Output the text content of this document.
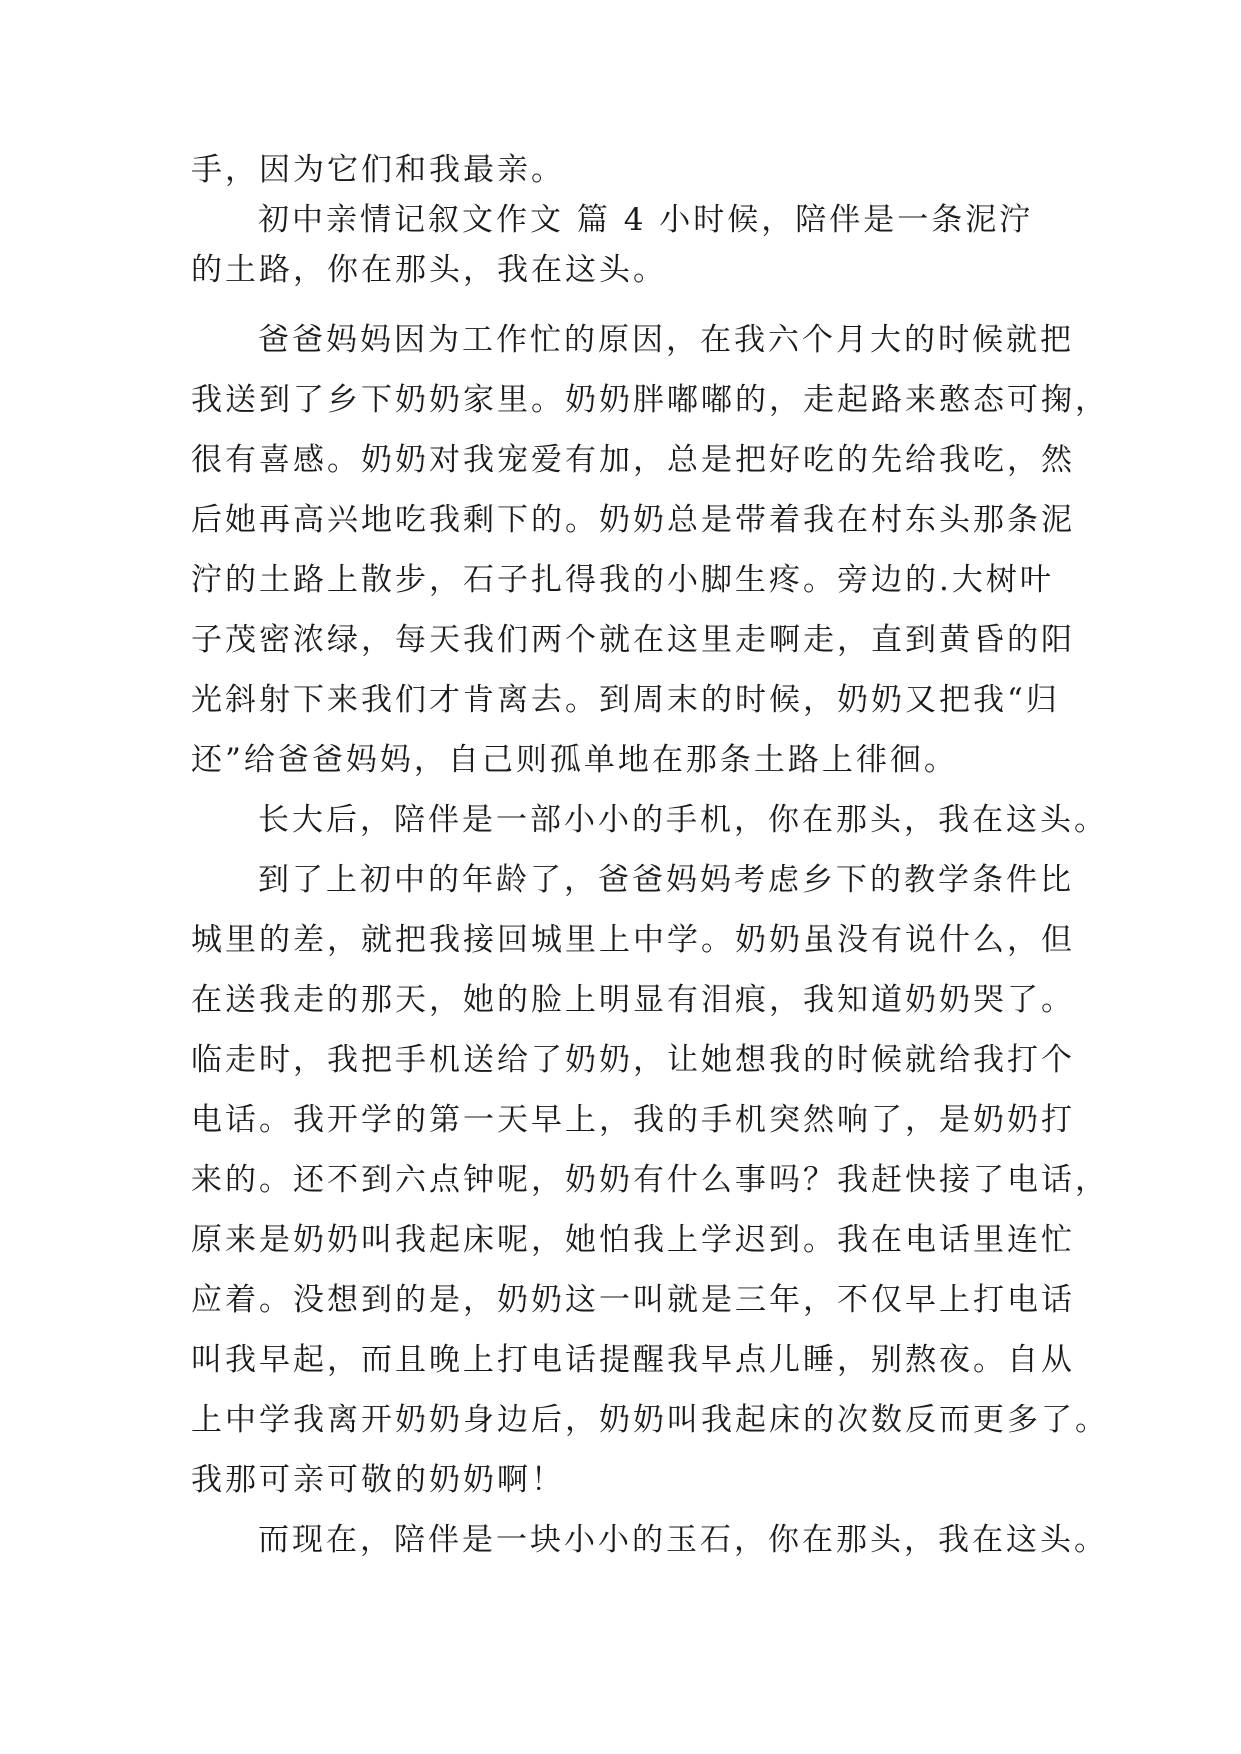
手，因为它们和我最亲。
初中亲情记叙文作文 篇 4 小时候，陪伴是一条泥泞
的土路，你在那头，我在这头。
爸爸妈妈因为工作忙的原因，在我六个月大的时候就把
我送到了乡下奶奶家里。奶奶胖嘟嘟的，走起路来憨态可掬，
很有喜感。奶奶对我宠爱有加，总是把好吃的先给我吃，然
后她再高兴地吃我剩下的。奶奶总是带着我在村东头那条泥
泞的土路上散步，石子扎得我的小脚生疼。旁边的.大树叶
子茂密浓绿，每天我们两个就在这里走啊走，直到黄昏的阳
光斜射下来我们才肯离去。到周末的时候，奶奶又把我“归
还”给爸爸妈妈，自己则孤单地在那条土路上徘徊。
长大后，陪伴是一部小小的手机，你在那头，我在这头。
到了上初中的年龄了，爸爸妈妈考虑乡下的教学条件比
城里的差，就把我接回城里上中学。奶奶虽没有说什么，但
在送我走的那天，她的脸上明显有泪痕，我知道奶奶哭了。
临走时，我把手机送给了奶奶，让她想我的时候就给我打个
电话。我开学的第一天早上，我的手机突然响了，是奶奶打
来的。还不到六点钟呢，奶奶有什么事吗？我赶快接了电话，
原来是奶奶叫我起床呢，她怕我上学迟到。我在电话里连忙
应着。没想到的是，奶奶这一叫就是三年，不仅早上打电话
叫我早起，而且晚上打电话提醒我早点儿睡，别熬夜。自从
上中学我离开奶奶身边后，奶奶叫我起床的次数反而更多了。
我那可亲可敬的奶奶啊！
而现在，陪伴是一块小小的玉石，你在那头，我在这头。
